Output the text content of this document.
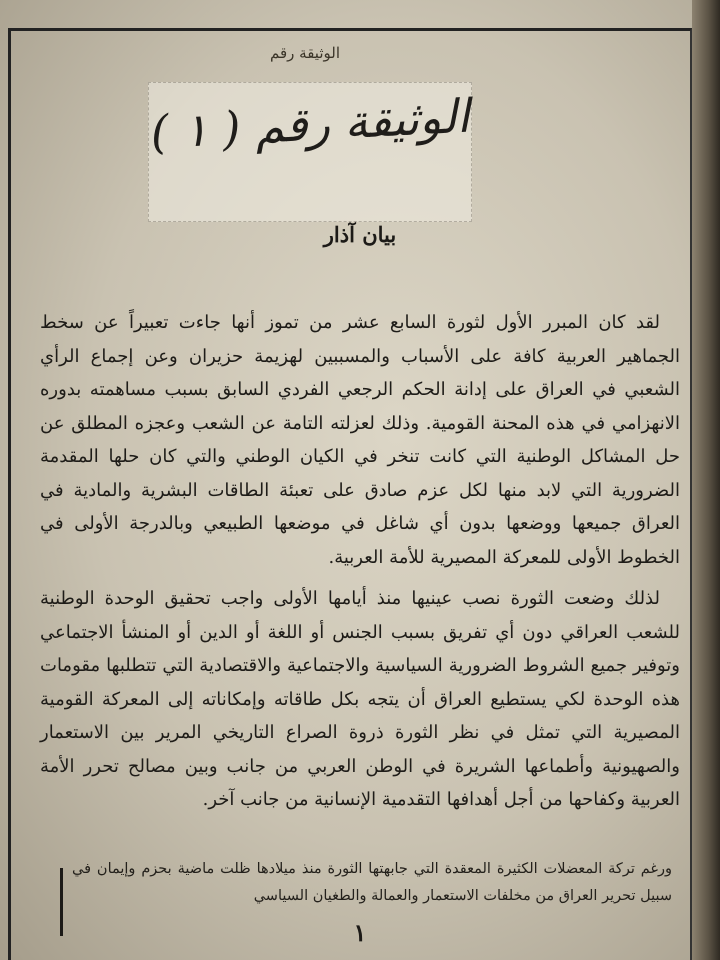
الوثيقة رقم
الوثيقة رقم ( ١ )
بيان آذار

لقد كان المبرر الأول لثورة السابع عشر من تموز أنها جاءت تعبيراً عن سخط الجماهير العربية كافة على الأسباب والمسببين لهزيمة حزيران وعن إجماع الرأي الشعبي في العراق على إدانة الحكم الرجعي الفردي السابق بسبب مساهمته بدوره الانهزامي في هذه المحنة القومية. وذلك لعزلته التامة عن الشعب وعجزه المطلق عن حل المشاكل الوطنية التي كانت تنخر في الكيان الوطني والتي كان حلها المقدمة الضرورية التي لابد منها لكل عزم صادق على تعبئة الطاقات البشرية والمادية في العراق جميعها ووضعها بدون أي شاغل في موضعها الطبيعي وبالدرجة الأولى في الخطوط الأولى للمعركة المصيرية للأمة العربية.

لذلك وضعت الثورة نصب عينيها منذ أيامها الأولى واجب تحقيق الوحدة الوطنية للشعب العراقي دون أي تفريق بسبب الجنس أو اللغة أو الدين أو المنشأ الاجتماعي وتوفير جميع الشروط الضرورية السياسية والاجتماعية والاقتصادية التي تتطلبها مقومات هذه الوحدة لكي يستطيع العراق أن يتجه بكل طاقاته وإمكاناته إلى المعركة القومية المصيرية التي تمثل في نظر الثورة ذروة الصراع التاريخي المرير بين الاستعمار والصهيونية وأطماعها الشريرة في الوطن العربي من جانب وبين مصالح تحرر الأمة العربية وكفاحها من أجل أهدافها التقدمية الإنسانية من جانب آخر.

ورغم تركة المعضلات الكثيرة المعقدة التي جابهتها الثورة منذ ميلادها ظلت ماضية بحزم وإيمان في سبيل تحرير العراق من مخلفات الاستعمار والعمالة والطغيان السياسي
١
